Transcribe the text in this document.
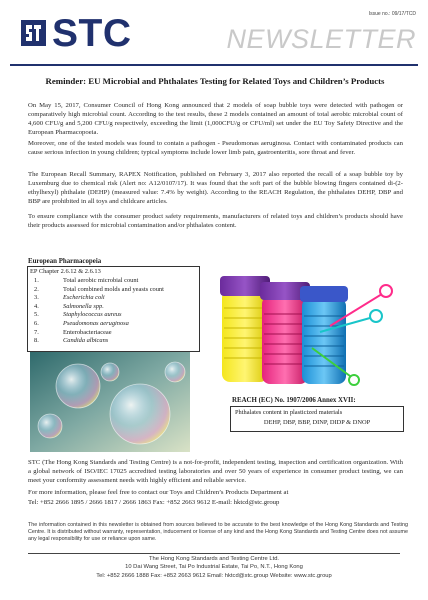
STC	Issue no.: 09/17/TCD
NEWSLETTER
Reminder: EU Microbial and Phthalates Testing for Related Toys and Children’s Products

On May 15, 2017, Consumer Council of Hong Kong announced that 2 models of soap bubble toys were detected with pathogen or comparatively high microbial count. According to the test results, these 2 models contained an amount of total aerobic microbial count of 4,600 CFU/g and 5,200 CFU/g respectively, exceeding the limit (1,000CFU/g or CFU/ml) set under the EU Toy Safety Directive and the European Pharmacopoeia.

Moreover, one of the tested models was found to contain a pathogen - Pseudomonas aeruginosa. Contact with contaminated products can cause serious infection in young children; typical symptoms include lower limb pain, gastroenteritis, sore throat and fever.

The European Recall Summary, RAPEX Notification, published on February 3, 2017 also reported the recall of a soap bubble toy by Luxemburg due to chemical risk (Alert no: A12/0107/17). It was found that the soft part of the bubble blowing fingers contained di-(2-ethylhexyl) phthalate (DEHP) (measured value: 7.4% by weight). According to the REACH Regulation, the phthalates DEHP, DBP and BBP are prohibited in all toys and childcare articles.

To ensure compliance with the consumer product safety requirements, manufacturers of related toys and children’s products should have their products assessed for microbial contamination and/or phthalates content.

European Pharmacopeia
EP Chapter 2.6.12 & 2.6.13
1.	Total aerobic microbial count
2.	Total combined molds and yeasts count
3.	Escherichia coli
4.	Salmonella spp.
5.	Staphylococcus aureus
6.	Pseudomonas aeruginosa
7.	Enterobacteriaceae
8.	Candida albicans
REACH (EC) No. 1907/2006 Annex XVII:
Phthalates content in plasticized materials
DEHP, DBP, BBP, DINP, DIDP & DNOP

STC (The Hong Kong Standards and Testing Centre) is a not-for-profit, independent testing, inspection and certification organization. With a global network of ISO/IEC 17025 accredited testing laboratories and over 50 years of experience in consumer product testing, we can meet your conformity assessment needs with highly efficient and reliable service.

For more information, please feel free to contact our Toys and Children’s Products Department at

Tel: +852 2666 1895 / 2666 1817 / 2666 1863 Fax: +852 2663 9612 E-mail: hktcd@stc.group

The information contained in this newsletter is obtained from sources believed to be accurate to the best knowledge of the Hong Kong Standards and Testing Centre. It is distributed without warranty, representation, inducement or license of any kind and the Hong Kong Standards and Testing Centre does not assume any legal responsibility for use or reliance upon same.

The Hong Kong Standards and Testing Centre Ltd.
10 Dai Wang Street, Tai Po Industrial Estate, Tai Po, N.T., Hong Kong
Tel: +852 2666 1888 Fax: +852 2663 9612 Email: hktcd@stc.group Website: www.stc.group
